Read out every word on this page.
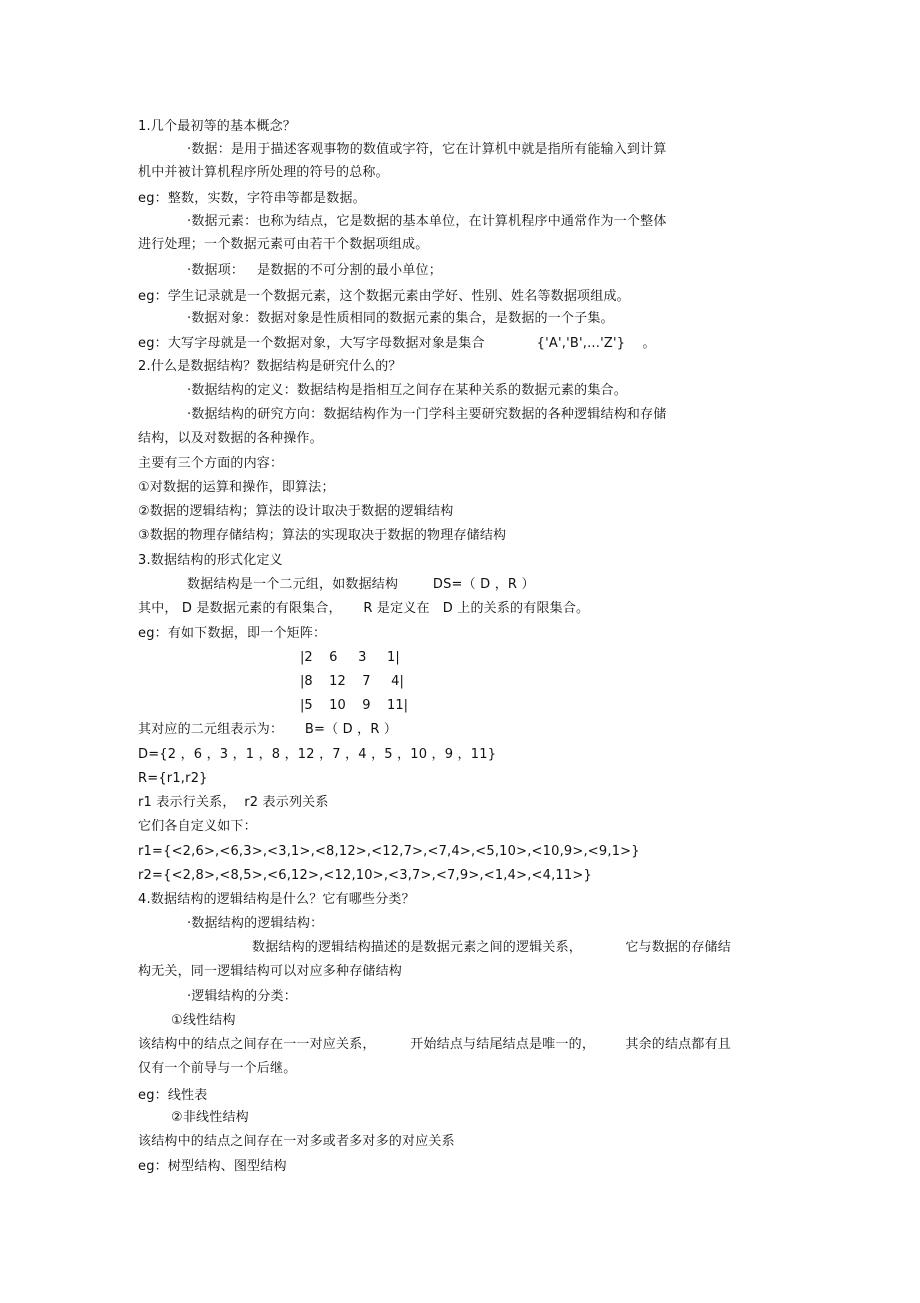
1.几个最初等的基本概念？
·数据：是用于描述客观事物的数值或字符，它在计算机中就是指所有能输入到计算
机中并被计算机程序所处理的符号的总称。
eg：整数，实数，字符串等都是数据。
·数据元素：也称为结点，它是数据的基本单位，在计算机程序中通常作为一个整体
进行处理；一个数据元素可由若干个数据项组成。
·数据项：   是数据的不可分割的最小单位；
eg：学生记录就是一个数据元素，这个数据元素由学好、性别、姓名等数据项组成。
·数据对象：数据对象是性质相同的数据元素的集合，是数据的一个子集。
eg：大写字母就是一个数据对象，大写字母数据对象是集合            {'A','B',...'Z'}    。
2.什么是数据结构？数据结构是研究什么的？
·数据结构的定义：数据结构是指相互之间存在某种关系的数据元素的集合。
·数据结构的研究方向：数据结构作为一门学科主要研究数据的各种逻辑结构和存储
结构，以及对数据的各种操作。
主要有三个方面的内容：
①对数据的运算和操作，即算法；
②数据的逻辑结构；算法的设计取决于数据的逻辑结构
③数据的物理存储结构；算法的实现取决于数据的物理存储结构
3.数据结构的形式化定义
数据结构是一个二元组，如数据结构        DS=（ D ，R ）
其中， D 是数据元素的有限集合，     R 是定义在   D 上的关系的有限集合。
eg：有如下数据，即一个矩阵：
|2    6     3     1|
|8    12    7     4|
|5    10    9    11|
其对应的二元组表示为：     B=（ D ，R ）
D={2 ，6 ，3 ，1 ，8 ，12 ，7 ，4 ，5 ，10 ，9 ，11}
R={r1,r2}
r1 表示行关系，  r2 表示列关系
它们各自定义如下：
r1={<2,6>,<6,3>,<3,1>,<8,12>,<12,7>,<7,4>,<5,10>,<10,9>,<9,1>}
r2={<2,8>,<8,5>,<6,12>,<12,10>,<3,7>,<7,9>,<1,4>,<4,11>}
4.数据结构的逻辑结构是什么？它有哪些分类？
·数据结构的逻辑结构：
数据结构的逻辑结构描述的是数据元素之间的逻辑关系，          它与数据的存储结
构无关，同一逻辑结构可以对应多种存储结构
·逻辑结构的分类：
①线性结构
该结构中的结点之间存在一一对应关系，        开始结点与结尾结点是唯一的，       其余的结点都有且
仅有一个前导与一个后继。
eg：线性表
②非线性结构
该结构中的结点之间存在一对多或者多对多的对应关系
eg：树型结构、图型结构
